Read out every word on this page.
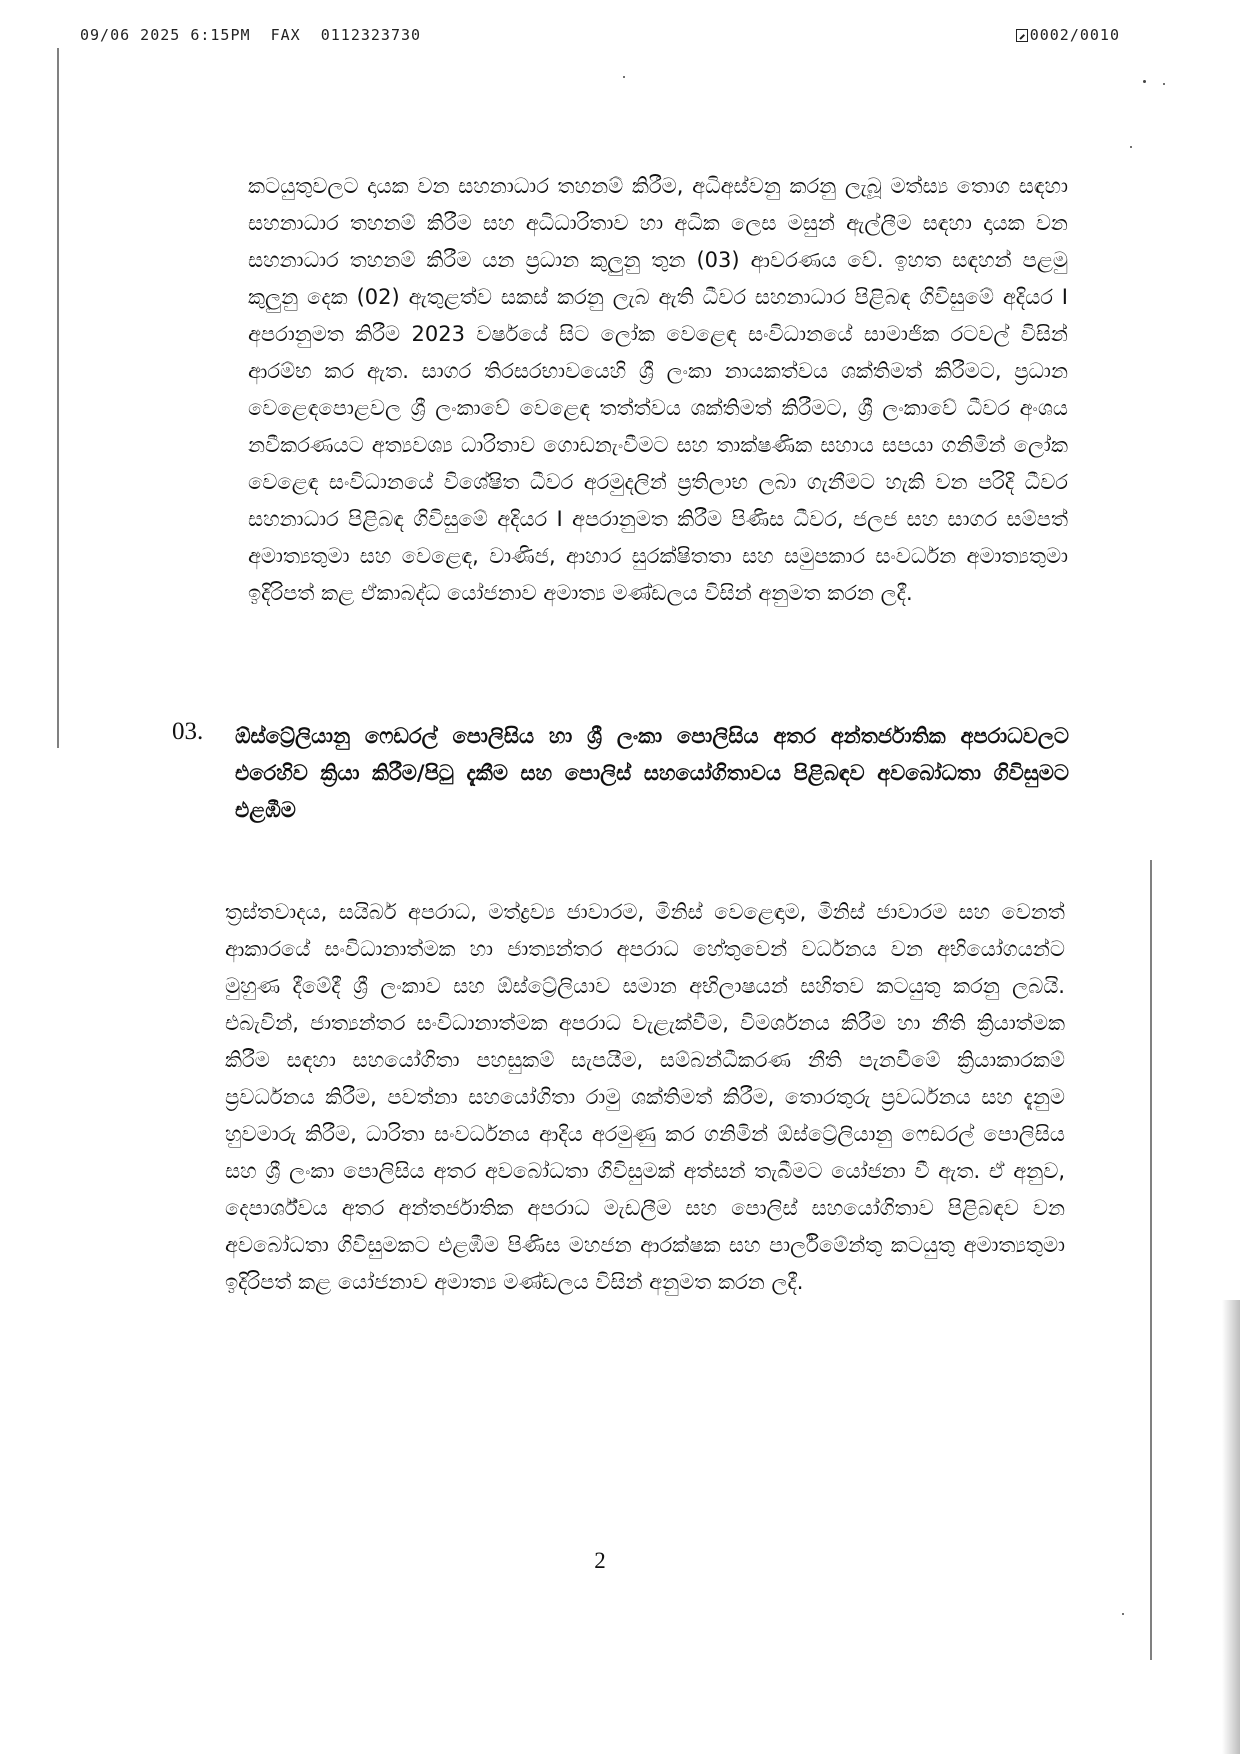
09/06 2025 6:15PM  FAX  0112323730	0002/0010

කටයුතුවලට දායක වන සහනාධාර තහනම් කිරීම, අධිඅස්වනු කරනු ලැබූ මත්ස්‍ය තොග සඳහා සහනාධාර තහනම් කිරීම සහ අධිධාරිතාව හා අධික ලෙස මසුන් ඇල්ලීම සඳහා දායක වන සහනාධාර තහනම් කිරීම යන ප්‍රධාන කුලුනු තුන (03) ආවරණය වේ. ඉහත සඳහන් පළමු කුලුනු දෙක (02) ඇතුළත්ව සකස් කරනු ලැබ ඇති ධීවර සහනාධාර පිළිබඳ ගිවිසුමේ අදියර I අපරානුමත කිරීම 2023 වර්ෂයේ සිට ලෝක වෙළෙඳ සංවිධානයේ සාමාජික රටවල් විසින් ආරම්භ කර ඇත. සාගර තිරසරභාවයෙහි ශ්‍රී ලංකා නායකත්වය ශක්තිමත් කිරීමට, ප්‍රධාන වෙළෙඳපොළවල ශ්‍රී ලංකාවේ වෙළෙඳ තත්ත්වය ශක්තිමත් කිරීමට, ශ්‍රී ලංකාවේ ධීවර අංශය නවීකරණයට අත්‍යවශ්‍ය ධාරිතාව ගොඩනැංවීමට සහ තාක්ෂණික සහාය සපයා ගනිමින් ලෝක වෙළෙඳ සංවිධානයේ විශේෂිත ධීවර අරමුදලින් ප්‍රතිලාභ ලබා ගැනීමට හැකි වන පරිදි ධීවර සහනාධාර පිළිබඳ ගිවිසුමේ අදියර I අපරානුමත කිරීම පිණිස ධීවර, ජලජ සහ සාගර සම්පත් අමාත්‍යතුමා සහ වෙළෙඳ, වාණිජ, ආහාර සුරක්ෂිතතා සහ සමුපකාර සංවර්ධන අමාත්‍යතුමා ඉදිරිපත් කළ ඒකාබද්ධ යෝජනාව අමාත්‍ය මණ්ඩලය විසින් අනුමත කරන ලදී.

03. ඕස්ට්‍රේලියානු ෆෙඩරල් පොලිසිය හා ශ්‍රී ලංකා පොලිසිය අතර අන්තර්ජාතික අපරාධවලට එරෙහිව ක්‍රියා කිරීම/පිටු දැකීම සහ පොලිස් සහයෝගිතාවය පිළිබඳව අවබෝධතා ගිවිසුමට එළඹීම

ත්‍රස්තවාදය, සයිබර් අපරාධ, මත්ද්‍රව්‍ය ජාවාරම, මිනිස් වෙළෙඳාම, මිනිස් ජාවාරම සහ වෙනත් ආකාරයේ සංවිධානාත්මක හා ජාත්‍යන්තර අපරාධ හේතුවෙන් වර්ධනය වන අභියෝගයන්ට මුහුණ දීමේදී ශ්‍රී ලංකාව සහ ඕස්ට්‍රේලියාව සමාන අභිලාෂයන් සහිතව කටයුතු කරනු ලබයි. එබැවින්, ජාත්‍යන්තර සංවිධානාත්මක අපරාධ වැළැක්වීම, විමර්ශනය කිරීම හා නීති ක්‍රියාත්මක කිරීම සඳහා සහයෝගිතා පහසුකම් සැපයීම, සම්බන්ධීකරණ නීති පැනවීමේ ක්‍රියාකාරකම් ප්‍රවර්ධනය කිරීම, පවත්නා සහයෝගිතා රාමු ශක්තිමත් කිරීම, තොරතුරු ප්‍රවර්ධනය සහ දැනුම හුවමාරු කිරීම, ධාරිතා සංවර්ධනය ආදිය අරමුණු කර ගනිමින් ඕස්ට්‍රේලියානු ෆෙඩරල් පොලිසිය සහ ශ්‍රී ලංකා පොලිසිය අතර අවබෝධතා ගිවිසුමක් අත්සන් තැබීමට යෝජනා වී ඇත. ඒ අනුව, දෙපාර්ශ්වය අතර අන්තර්ජාතික අපරාධ මැඩලීම සහ පොලිස් සහයෝගිතාව පිළිබඳව වන අවබෝධතා ගිවිසුමකට එළඹීම පිණිස මහජන ආරක්ෂක සහ පාර්ලිමේන්තු කටයුතු අමාත්‍යතුමා ඉදිරිපත් කළ යෝජනාව අමාත්‍ය මණ්ඩලය විසින් අනුමත කරන ලදී.

2
